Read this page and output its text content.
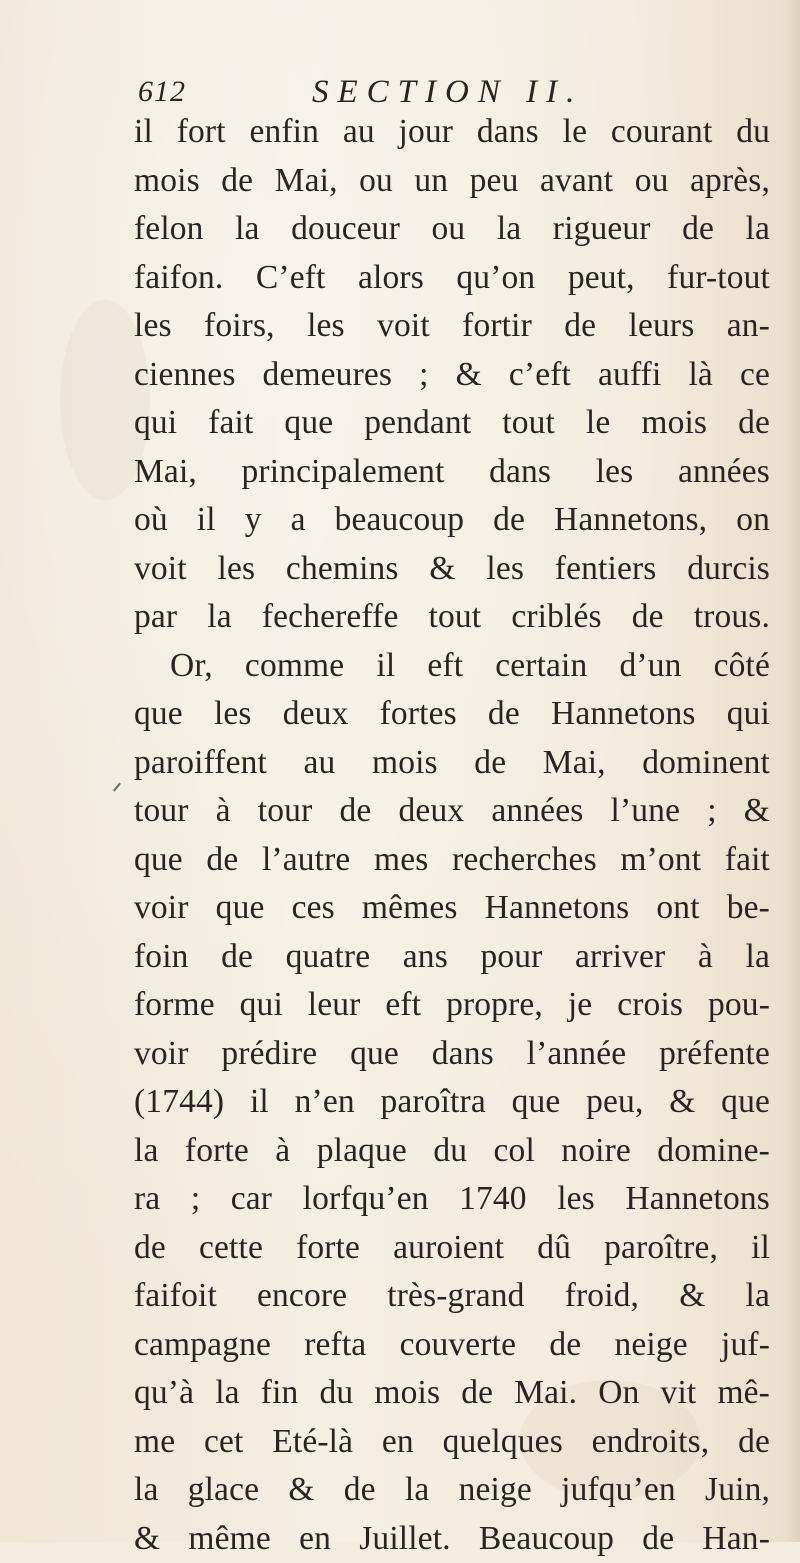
612	SECTION II.
il fort enfin au jour dans le courant du
mois de Mai, ou un peu avant ou après,
felon la douceur ou la rigueur de la
faifon. C’eft alors qu’on peut, fur-tout
les foirs, les voit fortir de leurs an-
ciennes demeures ; & c’eft auffi là ce
qui fait que pendant tout le mois de
Mai, principalement dans les années
où il y a beaucoup de Hannetons, on
voit les chemins & les fentiers durcis
par la fechereffe tout criblés de trous.
Or, comme il eft certain d’un côté
que les deux fortes de Hannetons qui
paroiffent au mois de Mai, dominent
tour à tour de deux années l’une ; &
que de l’autre mes recherches m’ont fait
voir que ces mêmes Hannetons ont be-
foin de quatre ans pour arriver à la
forme qui leur eft propre, je crois pou-
voir prédire que dans l’année préfente
(1744) il n’en paroîtra que peu, & que
la forte à plaque du col noire domine-
ra ; car lorfqu’en 1740 les Hannetons
de cette forte auroient dû paroître, il
faifoit encore très-grand froid, & la
campagne refta couverte de neige juf-
qu’à la fin du mois de Mai. On vit mê-
me cet Eté-là en quelques endroits, de
la glace & de la neige jufqu’en Juin,
& même en Juillet. Beaucoup de Han-
